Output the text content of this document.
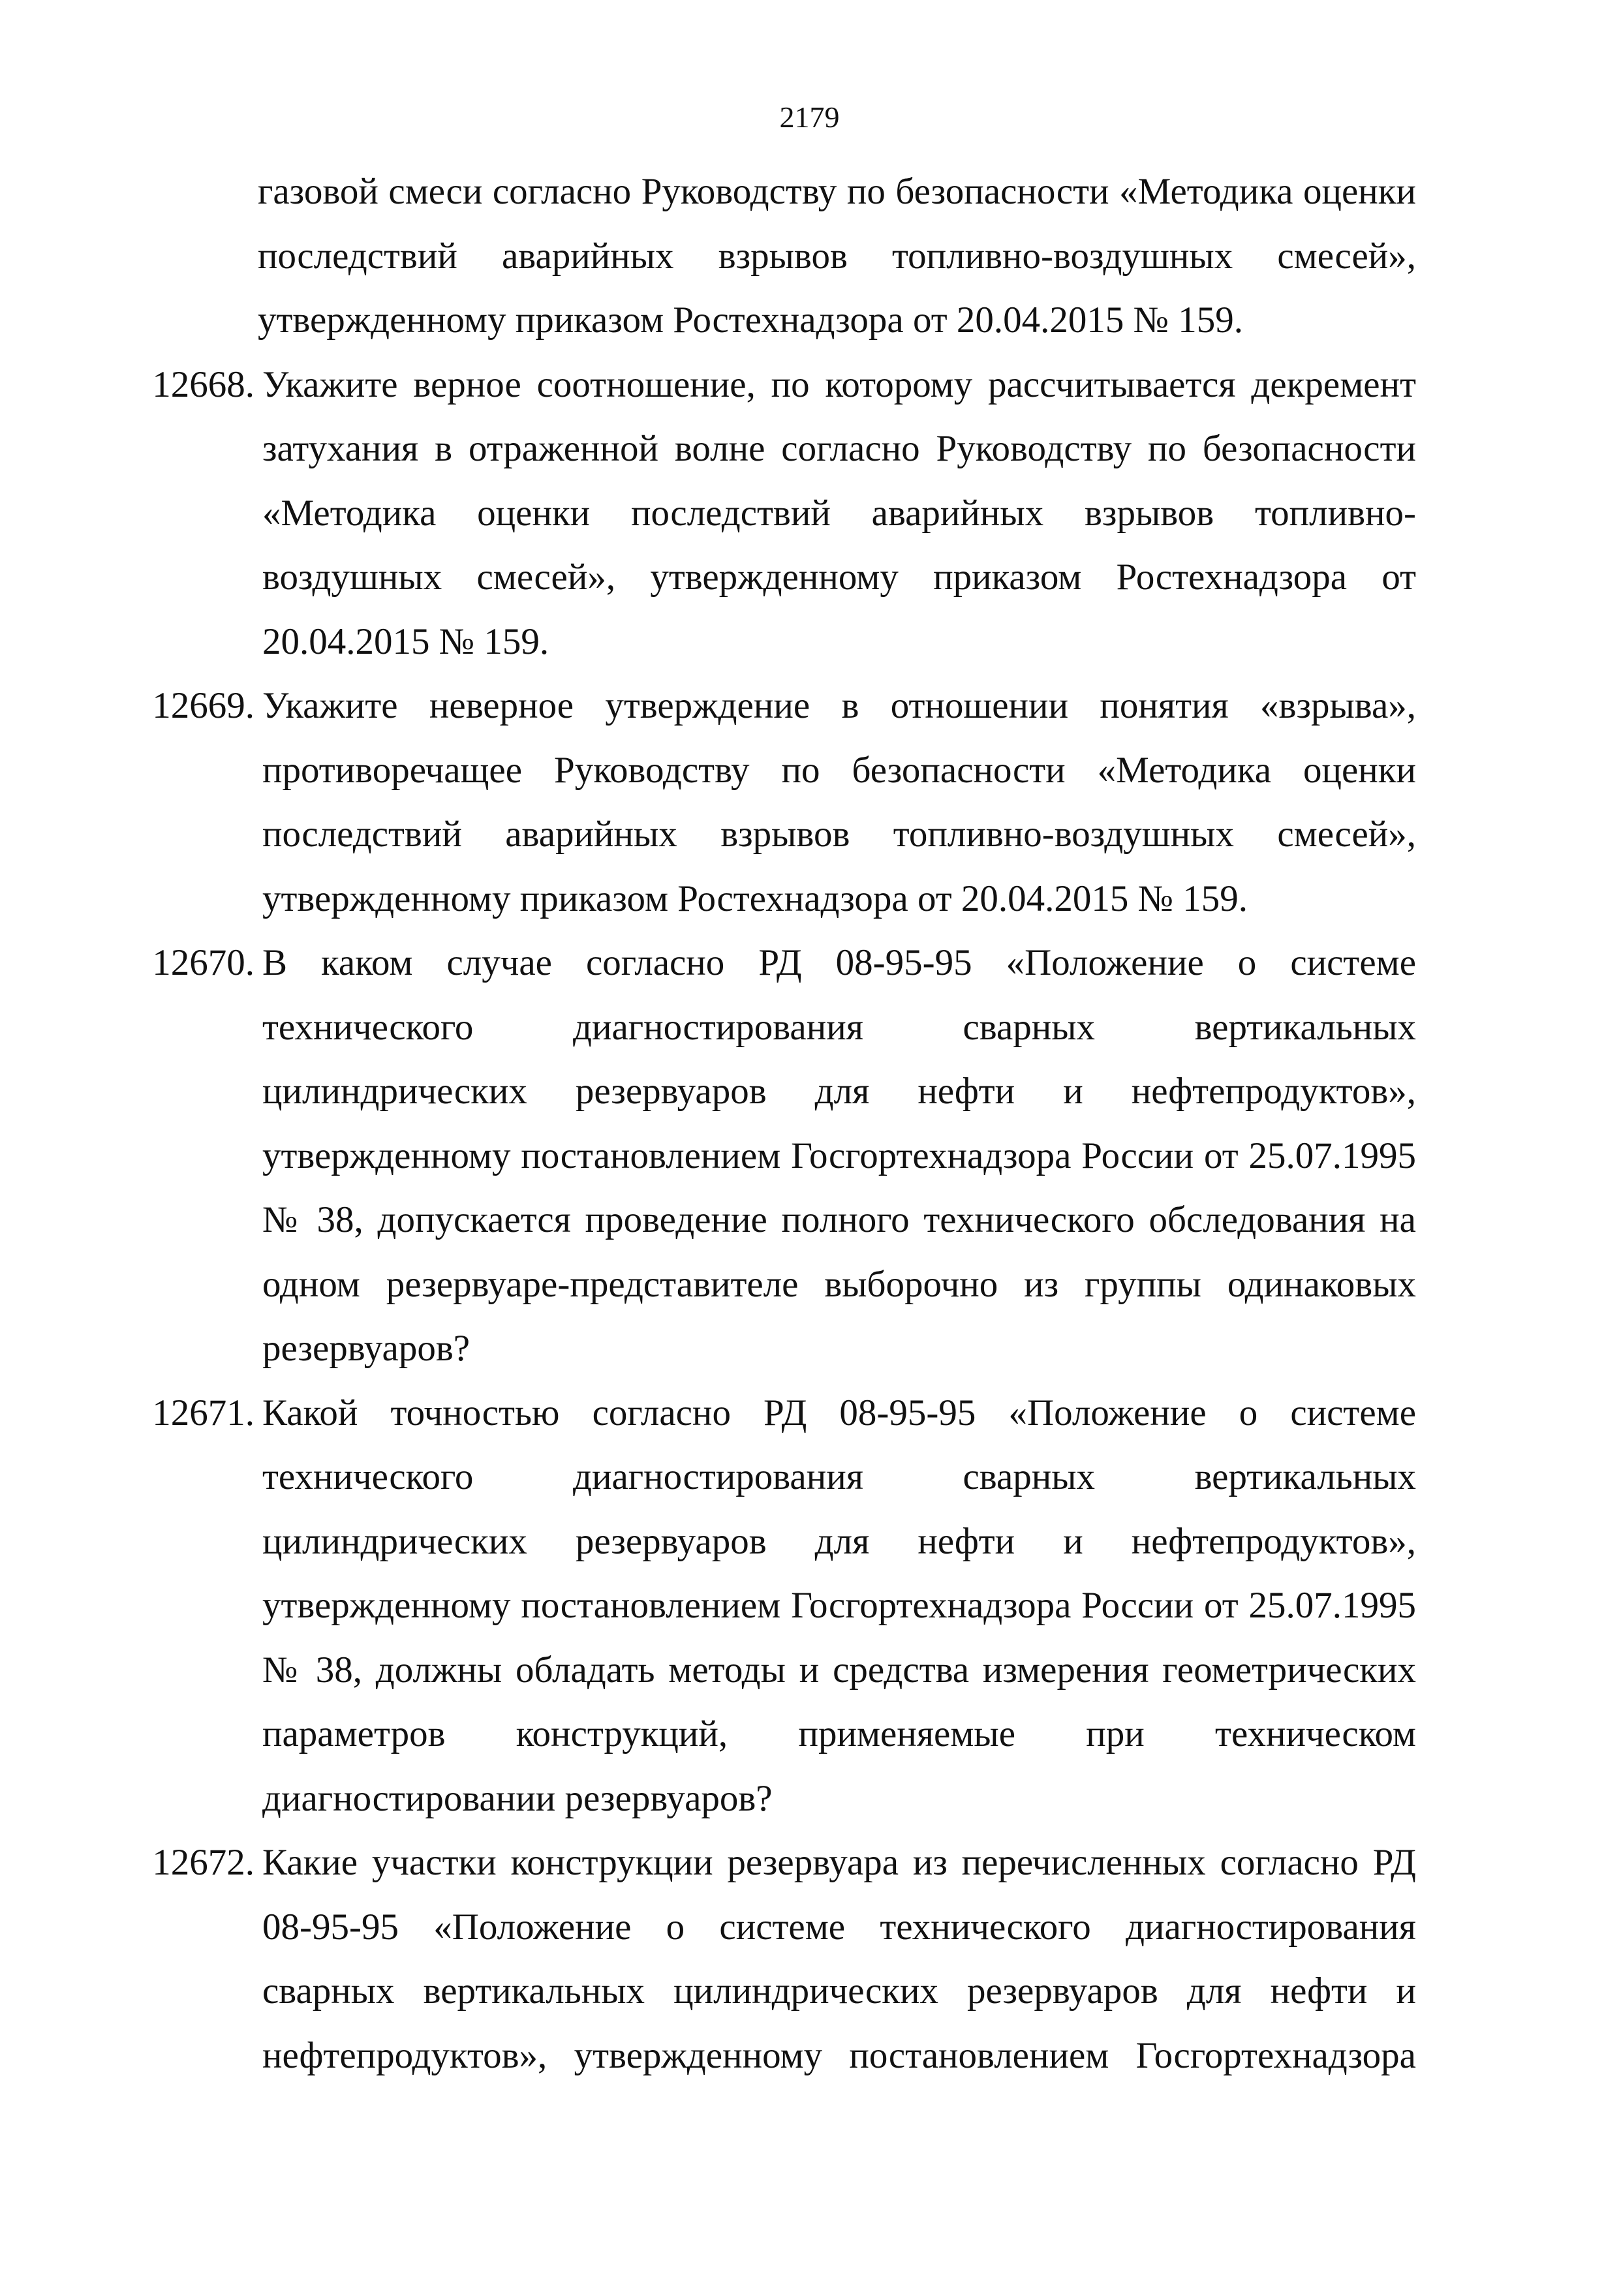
2179
газовой смеси согласно Руководству по безопасности «Методика оценки последствий аварийных взрывов топливно-воздушных смесей», утвержденному приказом Ростехнадзора от 20.04.2015 № 159.
12668. Укажите верное соотношение, по которому рассчитывается декремент затухания в отраженной волне согласно Руководству по безопасности «Методика оценки последствий аварийных взрывов топливно-воздушных смесей», утвержденному приказом Ростехнадзора от 20.04.2015 № 159.
12669. Укажите неверное утверждение в отношении понятия «взрыва», противоречащее Руководству по безопасности «Методика оценки последствий аварийных взрывов топливно-воздушных смесей», утвержденному приказом Ростехнадзора от 20.04.2015 № 159.
12670. В каком случае согласно РД 08-95-95 «Положение о системе технического диагностирования сварных вертикальных цилиндрических резервуаров для нефти и нефтепродуктов», утвержденному постановлением Госгортехнадзора России от 25.07.1995 № 38, допускается проведение полного технического обследования на одном резервуаре-представителе выборочно из группы одинаковых резервуаров?
12671. Какой точностью согласно РД 08-95-95 «Положение о системе технического диагностирования сварных вертикальных цилиндрических резервуаров для нефти и нефтепродуктов», утвержденному постановлением Госгортехнадзора России от 25.07.1995 № 38, должны обладать методы и средства измерения геометрических параметров конструкций, применяемые при техническом диагностировании резервуаров?
12672. Какие участки конструкции резервуара из перечисленных согласно РД 08-95-95 «Положение о системе технического диагностирования сварных вертикальных цилиндрических резервуаров для нефти и нефтепродуктов», утвержденному постановлением Госгортехнадзора
